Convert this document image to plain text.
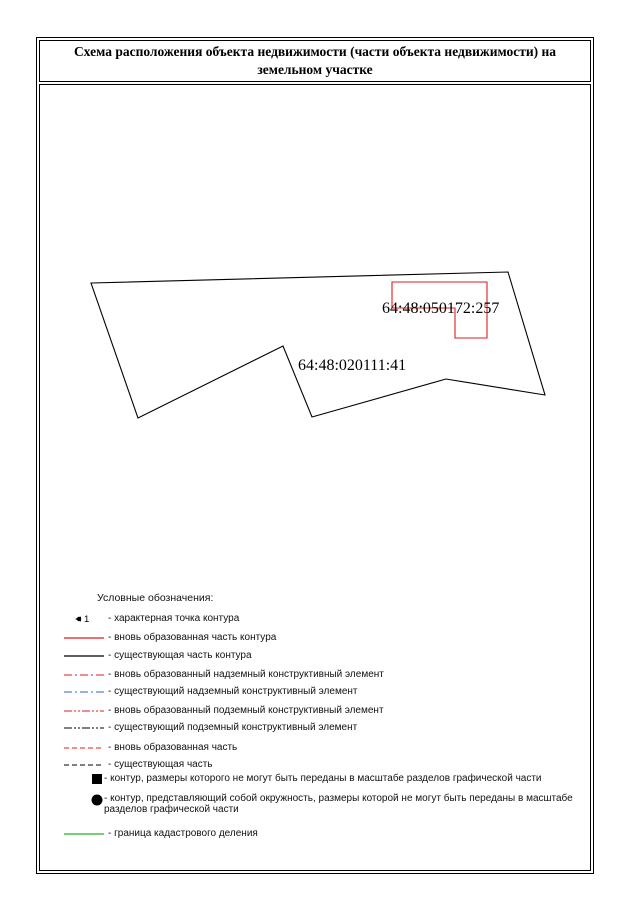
Схема расположения объекта недвижимости (части объекта недвижимости) на земельном участке
64:48:050172:257
64:48:020111:41
Условные обозначения:
1 - характерная точка контура
- вновь образованная часть контура
- существующая часть контура
- вновь образованный надземный конструктивный элемент
- существующий надземный конструктивный элемент
- вновь образованный подземный конструктивный элемент
- существующий подземный конструктивный элемент
- вновь образованная часть
- существующая часть
- контур, размеры которого не могут быть переданы в масштабе разделов графической части
- контур, представляющий собой окружность, размеры которой не могут быть переданы в масштабе разделов графической части
- граница кадастрового деления
